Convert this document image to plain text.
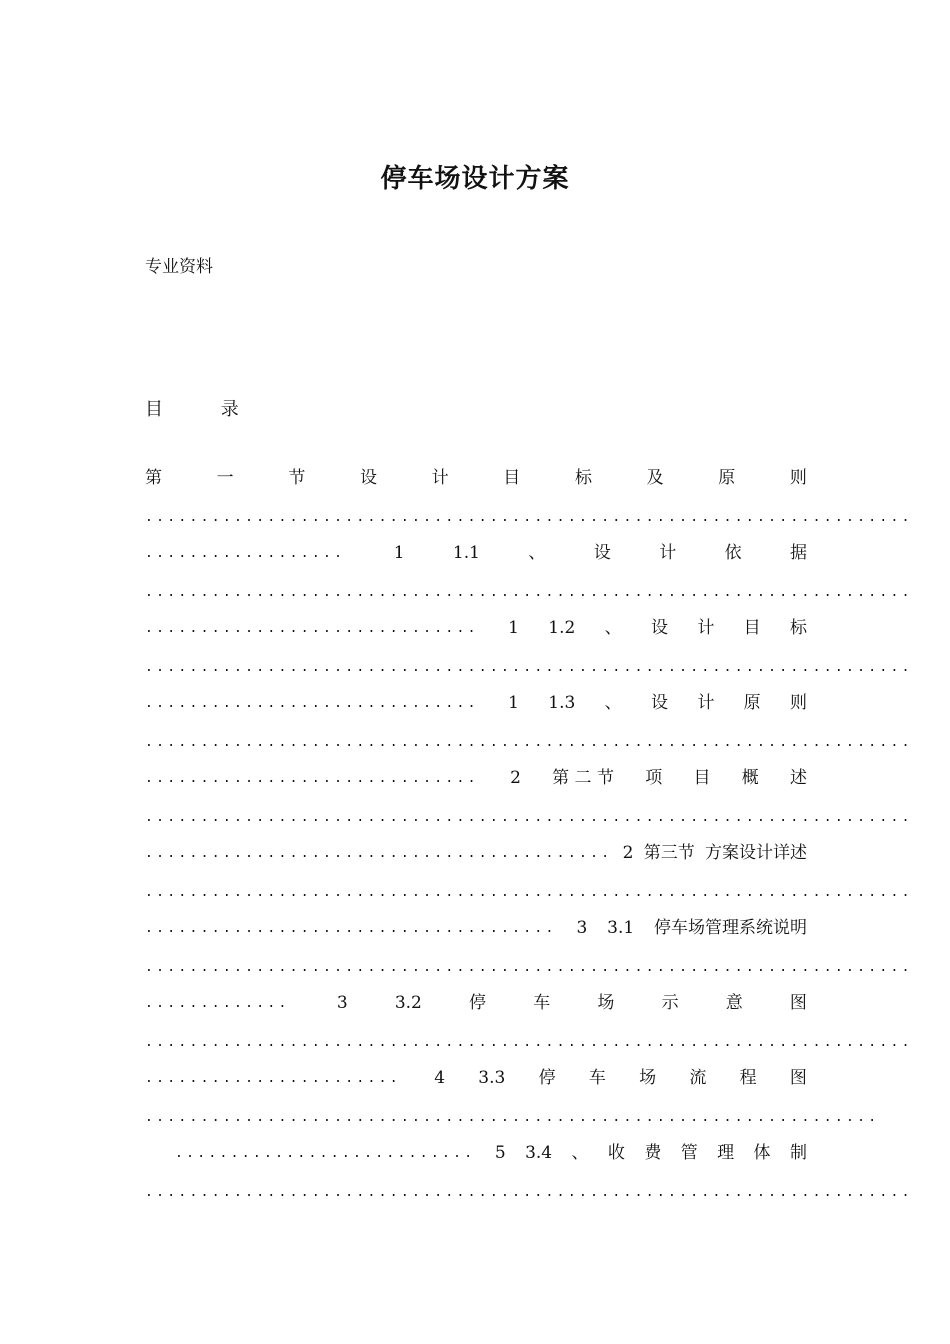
停车场设计方案
专业资料
目 录
第	一	节	设	计	目	标	及	原	则
.....................................................................
..................	1	1.1	、	设	计	依	据
.....................................................................
.............................. 1 1.2 、 设 计 目 标
.....................................................................
.............................. 1 1.3 、 设 计 原 则
.....................................................................
.............................. 2 第 二 节 项 目 概 述
.....................................................................
.......................................... 2 第三节 方案设计详述
.....................................................................
..................................... 3 3.1 停车场管理系统说明
.....................................................................
.............	3	3.2	停	车	场	示	意	图
.....................................................................
....................... 4 3.3 停 车 场 流 程 图
..................................................................
........................... 5 3.4 、 收 费 管 理 体 制
.....................................................................
